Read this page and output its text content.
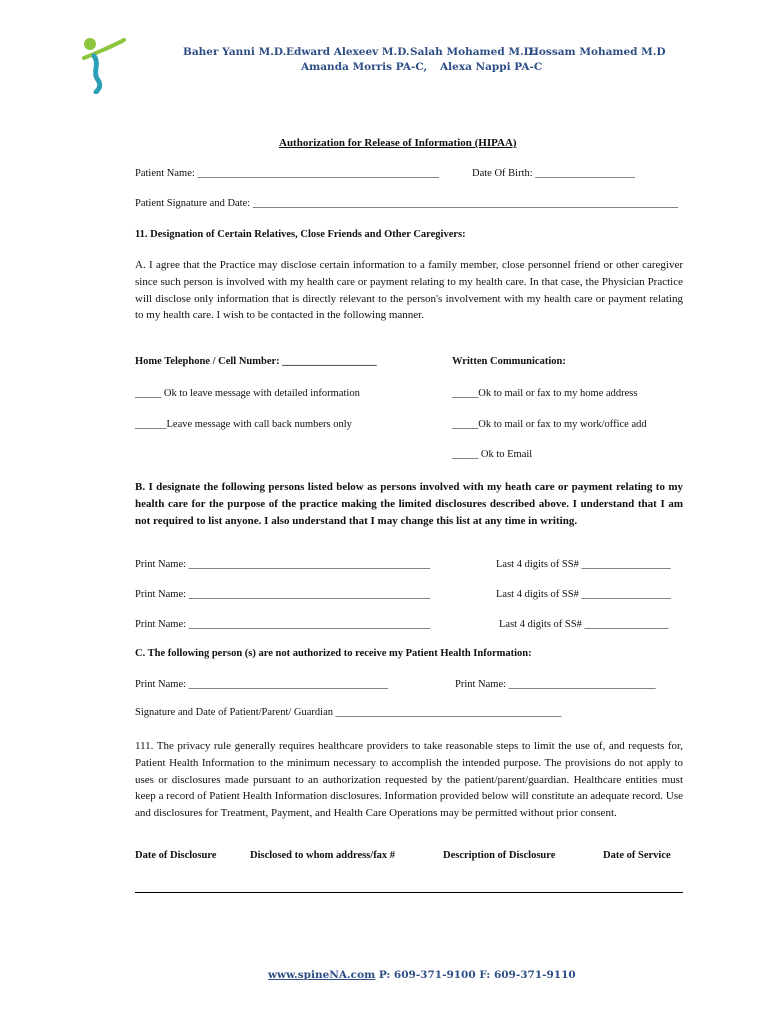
Baher Yanni M.D. Edward Alexeev M.D. Salah Mohamed M.D.
Hossam Mohamed M.D
Amanda Morris PA-C, Alexa Nappi PA-C
Authorization for Release of Information (HIPAA)
Patient Name: ______________________________________________	Date Of Birth: ___________________
Patient Signature and Date: _________________________________________________________________________________
11. Designation of Certain Relatives, Close Friends and Other Caregivers:
A. I agree that the Practice may disclose certain information to a family member, close personnel friend or other caregiver since such person is involved with my health care or payment relating to my health care. In that case, the Physician Practice will disclose only information that is directly relevant to the person's involvement with my health care or payment relating to my health care. I wish to be contacted in the following manner.
Home Telephone / Cell Number: __________________	Written Communication:
_____ Ok to leave message with detailed information	_____Ok to mail or fax to my home address
______Leave message with call back numbers only	_____Ok to mail or fax to my work/office add
_____ Ok to Email
B. I designate the following persons listed below as persons involved with my heath care or payment relating to my health care for the purpose of the practice making the limited disclosures described above. I understand that I am not required to list anyone. I also understand that I may change this list at any time in writing.
Print Name: ______________________________________________	Last 4 digits of SS# _________________
Print Name: ______________________________________________	Last 4 digits of SS# _________________
Print Name: ______________________________________________	Last 4 digits of SS# ________________
C. The following person (s) are not authorized to receive my Patient Health Information:
Print Name: ______________________________________	Print Name: ____________________________
Signature and Date of Patient/Parent/ Guardian ___________________________________________
111. The privacy rule generally requires healthcare providers to take reasonable steps to limit the use of, and requests for, Patient Health Information to the minimum necessary to accomplish the intended purpose. The provisions do not apply to uses or disclosures made pursuant to an authorization requested by the patient/parent/guardian. Healthcare entities must keep a record of Patient Health Information disclosures. Information provided below will constitute an adequate record. Use and disclosures for Treatment, Payment, and Health Care Operations may be permitted without prior consent.
Date of Disclosure	Disclosed to whom address/fax #	Description of Disclosure	Date of Service
www.spineNA.com P: 609-371-9100 F: 609-371-9110
